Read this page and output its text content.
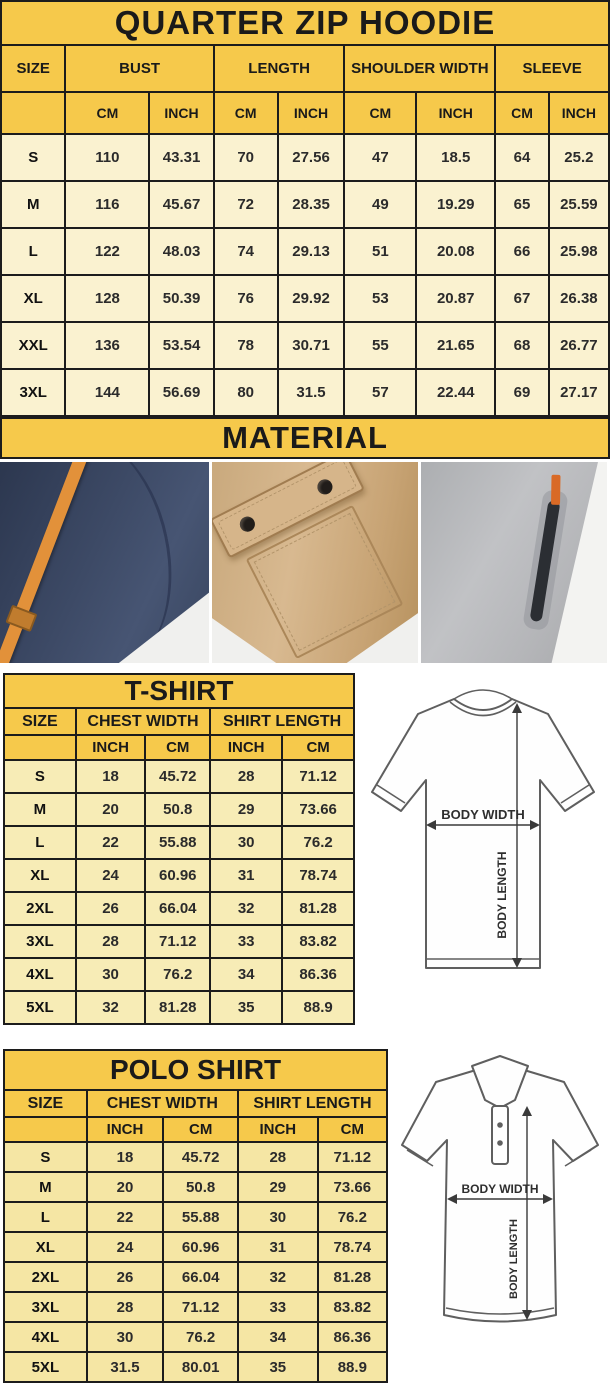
QUARTER ZIP HOODIE								
SIZE	BUST		LENGTH		SHOULDER WIDTH		SLEEVE	
	CM	INCH	CM	INCH	CM	INCH	CM	INCH
S	110	43.31	70	27.56	47	18.5	64	25.2
M	116	45.67	72	28.35	49	19.29	65	25.59
L	122	48.03	74	29.13	51	20.08	66	25.98
XL	128	50.39	76	29.92	53	20.87	67	26.38
XXL	136	53.54	78	30.71	55	21.65	68	26.77
3XL	144	56.69	80	31.5	57	22.44	69	27.17
MATERIAL
T-SHIRT				
SIZE	CHEST WIDTH		SHIRT LENGTH	
	INCH	CM	INCH	CM
S	18	45.72	28	71.12
M	20	50.8	29	73.66
L	22	55.88	30	76.2
XL	24	60.96	31	78.74
2XL	26	66.04	32	81.28
3XL	28	71.12	33	83.82
4XL	30	76.2	34	86.36
5XL	32	81.28	35	88.9
BODY WIDTH
BODY LENGTH
POLO SHIRT				
SIZE	CHEST WIDTH		SHIRT LENGTH	
	INCH	CM	INCH	CM
S	18	45.72	28	71.12
M	20	50.8	29	73.66
L	22	55.88	30	76.2
XL	24	60.96	31	78.74
2XL	26	66.04	32	81.28
3XL	28	71.12	33	83.82
4XL	30	76.2	34	86.36
5XL	31.5	80.01	35	88.9
BODY WIDTH
BODY LENGTH
